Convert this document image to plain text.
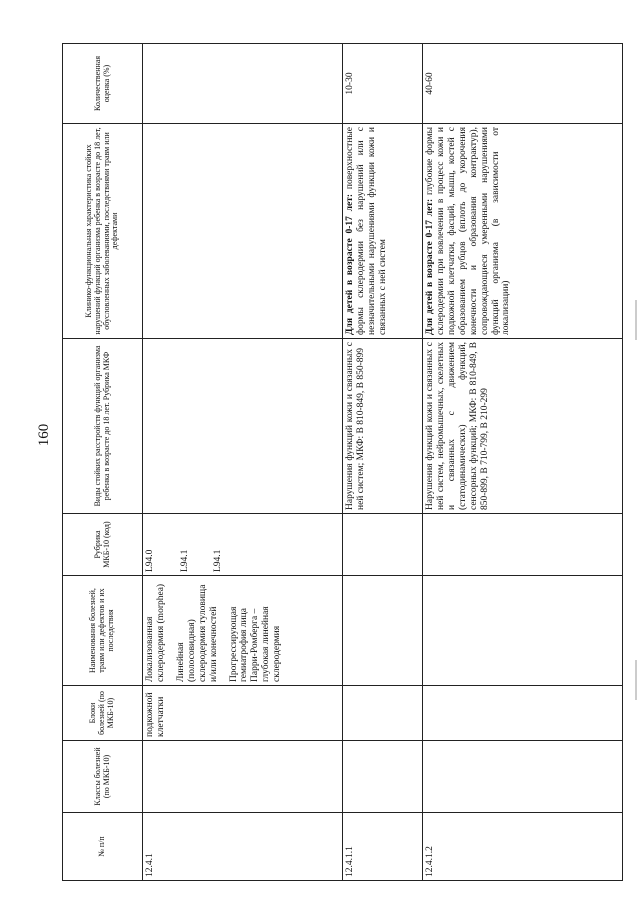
160
№ п/п	Классы болезней (по МКБ-10)	Блоки болезней (по МКБ-10)	Наименования болезней, травм или дефектов и их последствия	Рубрика МКБ-10 (код)	Виды стойких расстройств функций организма ребенка в возрасте до 18 лет. Рубрика МКФ	Клинико-функциональная характеристика стойких нарушений функций организма ребенка в возрасте до 18 лет, обусловленных заболеваниями, последствиями травм или дефектами	Количественная оценка (%)
12.4.1		подкожной клетчатки	Локализованная склеродермия (morphea) Линейная (полосовидная) склеродермия туловища и/или конечностей Прогрессирующая гемиатрофия лица Парри-Ромберга – глубокая линейная склеродермия	L94.0 L94.1 L94.1			

12.4.1.1					Нарушения функций кожи и связанных с ней систем; МКФ: В 810-849, В 850-899	Для детей в возрасте 0-17 лет: поверхностные формы склеродермии без нарушений или с незначительными нарушениями функции кожи и связанных с ней систем	10-30
12.4.1.2					Нарушения функций кожи и связанных с ней систем, нейромышечных, скелетных и связанных с движением (статодинамических) функций, сенсорных функций; МКФ: В 810-849, В 850-899, В 710-799, В 210-299	Для детей в возрасте 0-17 лет: глубокие формы склеродермии при вовлечении в процесс кожи и подкожной клетчатки, фасций, мышц, костей с образованием рубцов (вплоть до укорочения конечности и образования контрактур), сопровождающиеся умеренными нарушениями функций организма (в зависимости от локализации)	40-60
